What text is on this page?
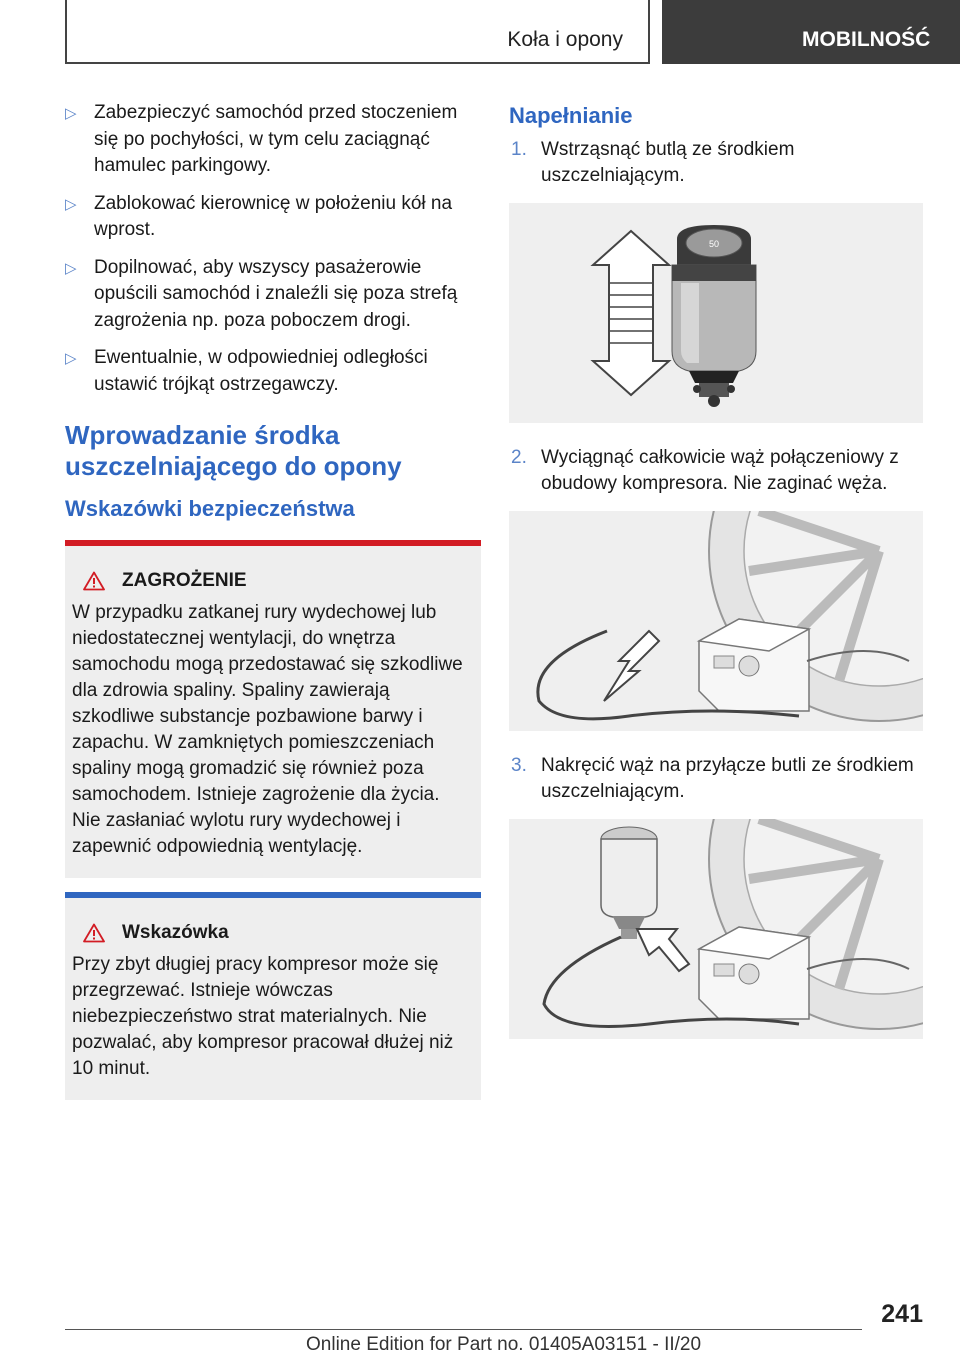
Koła i opony	MOBILNOŚĆ
▷ Zabezpieczyć samochód przed stoczeniem się po pochyłości, w tym celu zaciągnąć hamulec parkingowy.
▷ Zablokować kierownicę w położeniu kół na wprost.
▷ Dopilnować, aby wszyscy pasażerowie opuścili samochód i znaleźli się poza strefą zagrożenia np. poza poboczem drogi.
▷ Ewentualnie, w odpowiedniej odległości ustawić trójkąt ostrzegawczy.
Wprowadzanie środka uszczelniającego do opony
Wskazówki bezpieczeństwa
ZAGROŻENIE

W przypadku zatkanej rury wydechowej lub niedostatecznej wentylacji, do wnętrza samochodu mogą przedostawać się szkodliwe dla zdrowia spaliny. Spaliny zawierają szkodliwe substancje pozbawione barwy i zapachu. W zamkniętych pomieszczeniach spaliny mogą gromadzić się również poza samochodem. Istnieje zagrożenie dla życia. Nie zasłaniać wylotu rury wydechowej i zapewnić odpowiednią wentylację.

Wskazówka

Przy zbyt długiej pracy kompresor może się przegrzewać. Istnieje wówczas niebezpieczeństwo strat materialnych. Nie pozwalać, aby kompresor pracował dłużej niż 10 minut.

Napełnianie
1. Wstrząsnąć butlą ze środkiem uszczelniającym.
50
2. Wyciągnąć całkowicie wąż połączeniowy z obudowy kompresora. Nie zaginać węża.
3. Nakręcić wąż na przyłącze butli ze środkiem uszczelniającym.
241
Online Edition for Part no. 01405A03151 - II/20
